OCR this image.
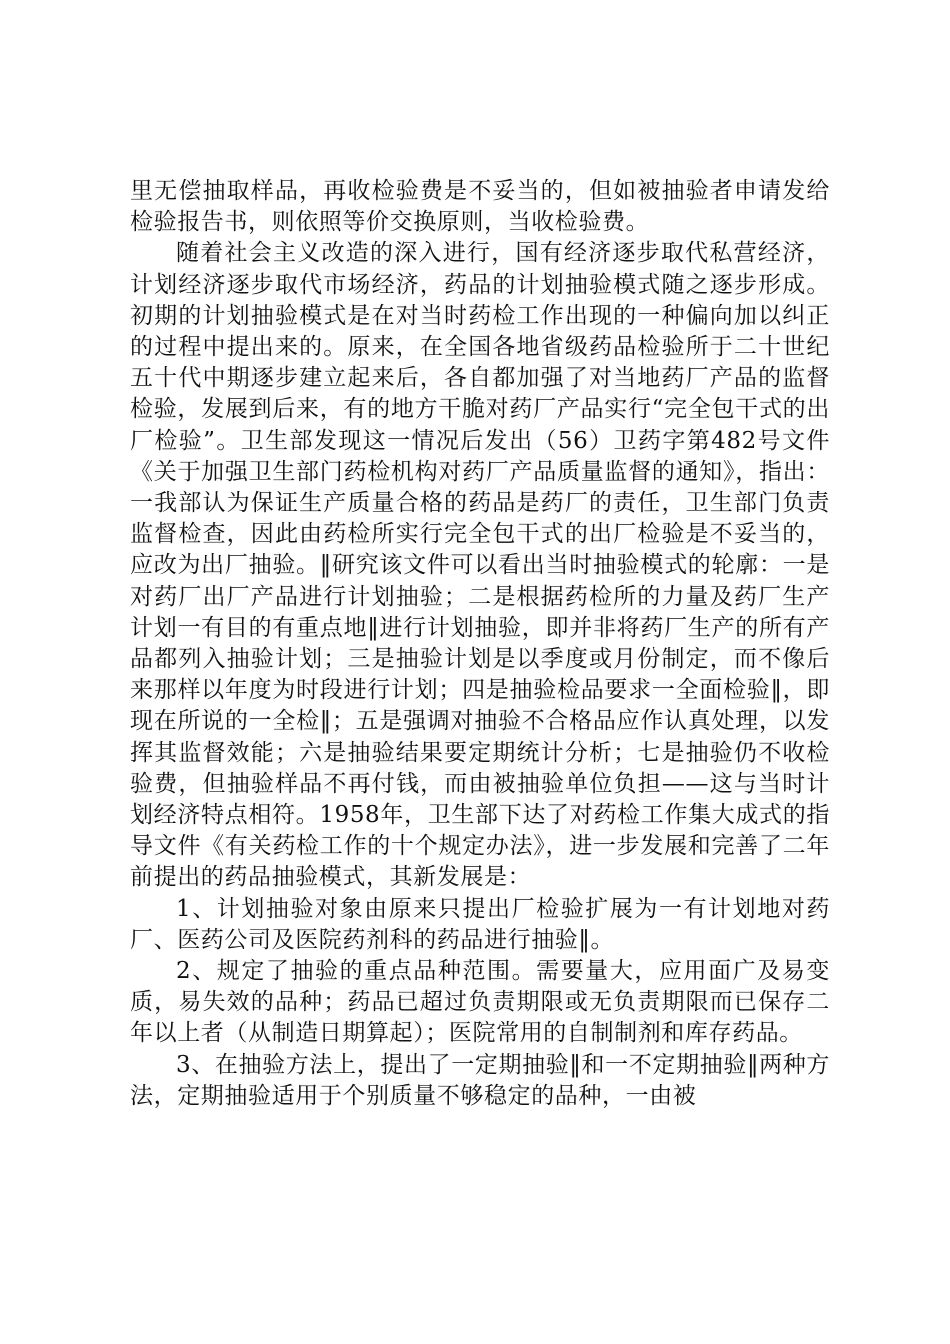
里无偿抽取样品，再收检验费是不妥当的，但如被抽验者申请发给检验报告书，则依照等价交换原则，当收检验费。

随着社会主义改造的深入进行，国有经济逐步取代私营经济，计划经济逐步取代市场经济，药品的计划抽验模式随之逐步形成。初期的计划抽验模式是在对当时药检工作出现的一种偏向加以纠正的过程中提出来的。原来，在全国各地省级药品检验所于二十世纪五十代中期逐步建立起来后，各自都加强了对当地药厂产品的监督检验，发展到后来，有的地方干脆对药厂产品实行“完全包干式的出厂检验”。卫生部发现这一情况后发出（56）卫药字第482号文件《关于加强卫生部门药检机构对药厂产品质量监督的通知》，指出：一我部认为保证生产质量合格的药品是药厂的责任，卫生部门负责监督检查，因此由药检所实行完全包干式的出厂检验是不妥当的，应改为出厂抽验。‖研究该文件可以看出当时抽验模式的轮廓：一是对药厂出厂产品进行计划抽验；二是根据药检所的力量及药厂生产计划一有目的有重点地‖进行计划抽验，即并非将药厂生产的所有产品都列入抽验计划；三是抽验计划是以季度或月份制定，而不像后来那样以年度为时段进行计划；四是抽验检品要求一全面检验‖，即现在所说的一全检‖；五是强调对抽验不合格品应作认真处理，以发挥其监督效能；六是抽验结果要定期统计分析；七是抽验仍不收检验费，但抽验样品不再付钱，而由被抽验单位负担——这与当时计划经济特点相符。1958年，卫生部下达了对药检工作集大成式的指导文件《有关药检工作的十个规定办法》，进一步发展和完善了二年前提出的药品抽验模式，其新发展是：

1、计划抽验对象由原来只提出厂检验扩展为一有计划地对药厂、医药公司及医院药剂科的药品进行抽验‖。

2、规定了抽验的重点品种范围。需要量大，应用面广及易变质，易失效的品种；药品已超过负责期限或无负责期限而已保存二年以上者（从制造日期算起）；医院常用的自制制剂和库存药品。

3、在抽验方法上，提出了一定期抽验‖和一不定期抽验‖两种方法，定期抽验适用于个别质量不够稳定的品种，一由被
